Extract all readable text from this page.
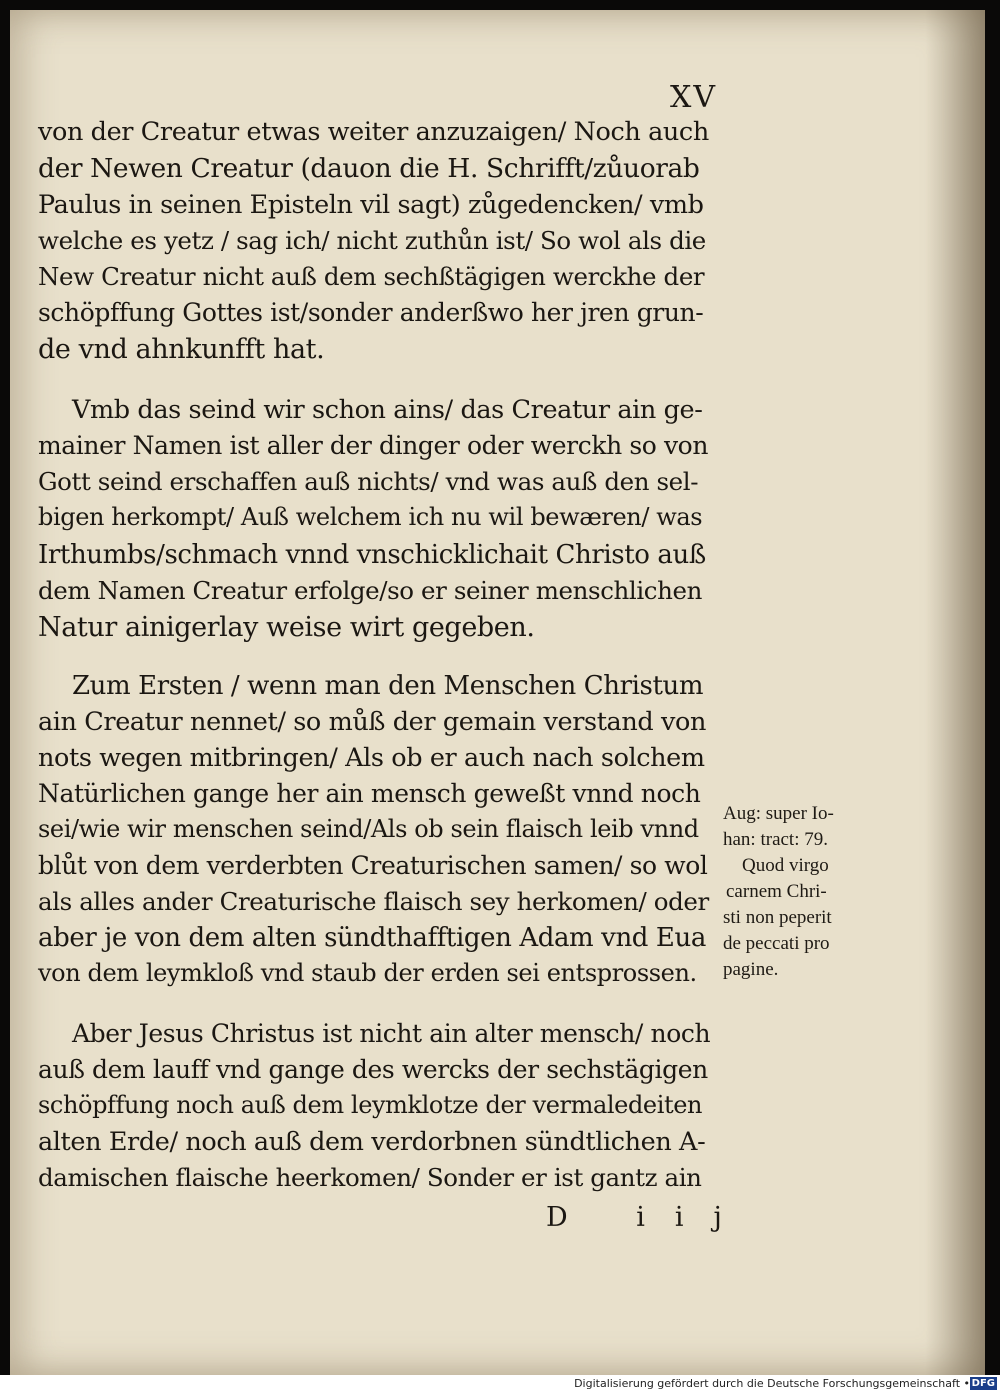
XV
von der Creatur etwas weiter anzuzaigen/ Noch auch
der Newen Creatur (dauon die H. Schrifft/zůuorab
Paulus in seinen Episteln vil sagt) zůgedencken/ vmb
welche es yetz / sag ich/ nicht zuthůn ist/ So wol als die
New Creatur nicht auß dem sechßtägigen werckhe der
schöpffung Gottes ist/sonder anderßwo her jren grun-
de vnd ahnkunfft hat.
Vmb das seind wir schon ains/ das Creatur ain ge-
mainer Namen ist aller der dinger oder werckh so von
Gott seind erschaffen auß nichts/ vnd was auß den sel-
bigen herkompt/ Auß welchem ich nu wil bewæren/ was
Irthumbs/schmach vnnd vnschicklichait Christo auß
dem Namen Creatur erfolge/so er seiner menschlichen
Natur ainigerlay weise wirt gegeben.
Zum Ersten / wenn man den Menschen Christum
ain Creatur nennet/ so můß der gemain verstand von
nots wegen mitbringen/ Als ob er auch nach solchem
Natürlichen gange her ain mensch geweßt vnnd noch
sei/wie wir menschen seind/Als ob sein flaisch leib vnnd
blůt von dem verderbten Creaturischen samen/ so wol
als alles ander Creaturische flaisch sey herkomen/ oder
aber je von dem alten sündthafftigen Adam vnd Eua
von dem leymkloß vnd staub der erden sei entsprossen.
Aber Jesus Christus ist nicht ain alter mensch/ noch
auß dem lauff vnd gange des wercks der sechstägigen
schöpffung noch auß dem leymklotze der vermaledeiten
alten Erde/ noch auß dem verdorbnen sündtlichen A-
damischen flaische heerkomen/ Sonder er ist gantz ain
Aug: super Io-
han: tract: 79.
Quod virgo
carnem Chri-
sti non peperit
de peccati pro
pagine.
D iij
Digitalisierung gefördert durch die Deutsche Forschungsgemeinschaft • DFG
